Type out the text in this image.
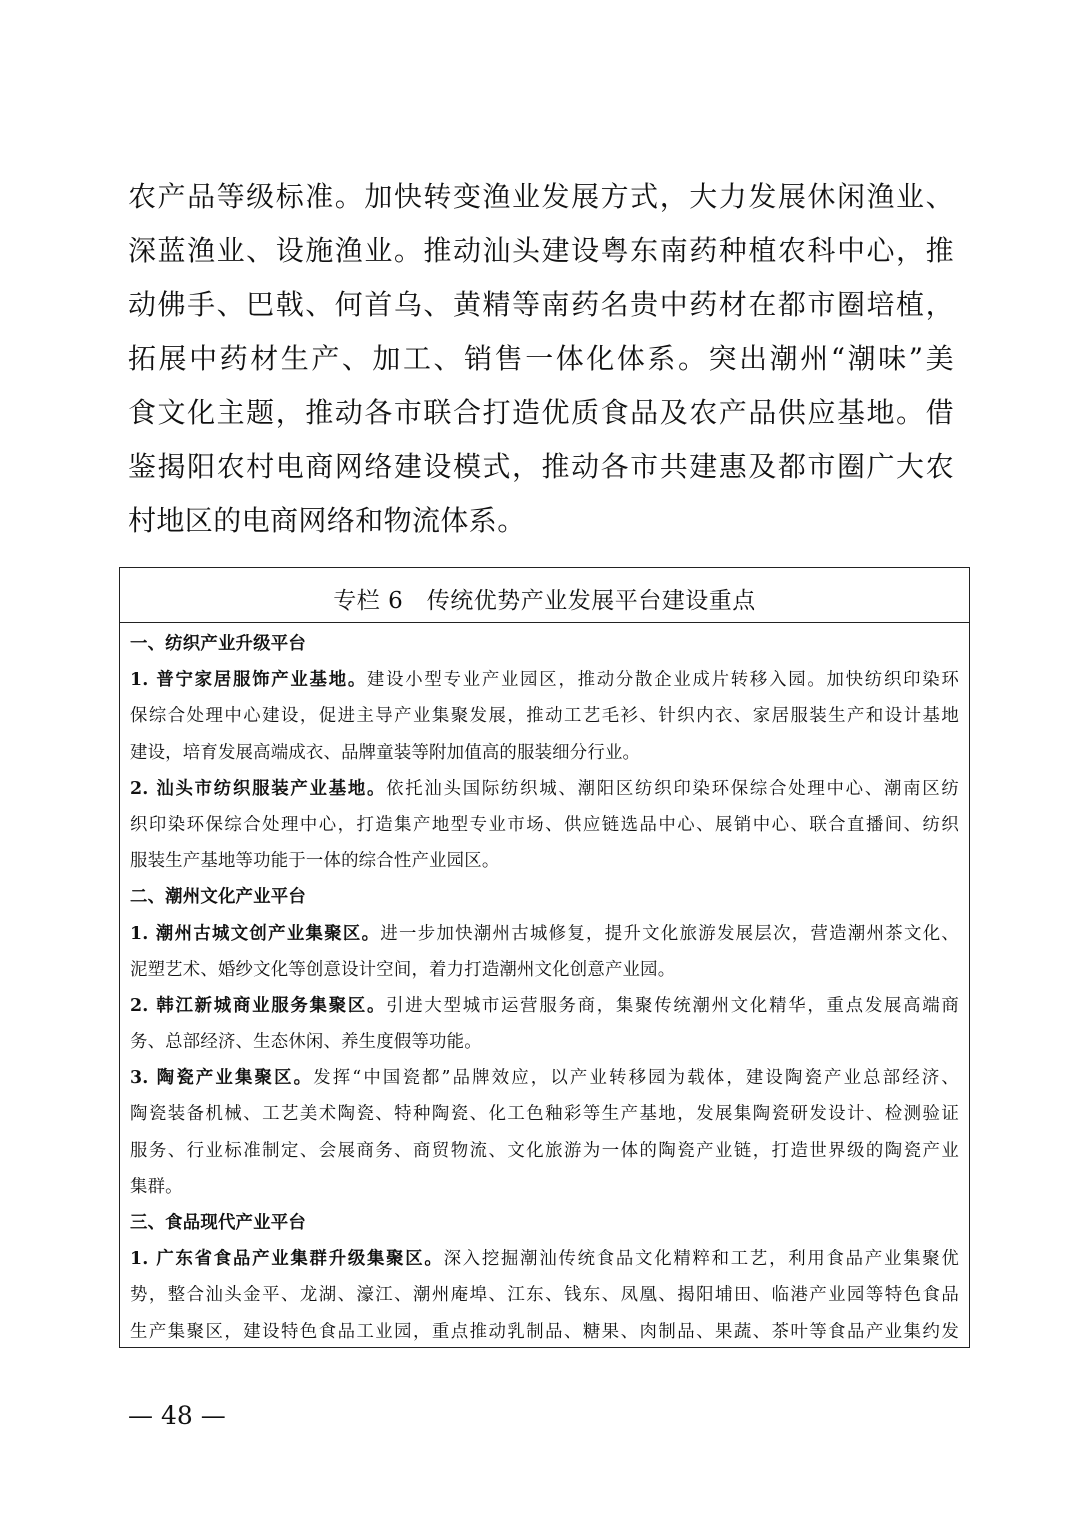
农产品等级标准。加快转变渔业发展方式，大力发展休闲渔业、
深蓝渔业、设施渔业。推动汕头建设粤东南药种植农科中心，推
动佛手、巴戟、何首乌、黄精等南药名贵中药材在都市圈培植，
拓展中药材生产、加工、销售一体化体系。突出潮州“潮味”美
食文化主题，推动各市联合打造优质食品及农产品供应基地。借
鉴揭阳农村电商网络建设模式，推动各市共建惠及都市圈广大农
村地区的电商网络和物流体系。
专栏 6　传统优势产业发展平台建设重点
一、纺织产业升级平台
1. 普宁家居服饰产业基地。建设小型专业产业园区，推动分散企业成片转移入园。加快纺织印染环
保综合处理中心建设，促进主导产业集聚发展，推动工艺毛衫、针织内衣、家居服装生产和设计基地
建设，培育发展高端成衣、品牌童装等附加值高的服装细分行业。
2. 汕头市纺织服装产业基地。依托汕头国际纺织城、潮阳区纺织印染环保综合处理中心、潮南区纺
织印染环保综合处理中心，打造集产地型专业市场、供应链选品中心、展销中心、联合直播间、纺织
服装生产基地等功能于一体的综合性产业园区。
二、潮州文化产业平台
1. 潮州古城文创产业集聚区。进一步加快潮州古城修复，提升文化旅游发展层次，营造潮州茶文化、
泥塑艺术、婚纱文化等创意设计空间，着力打造潮州文化创意产业园。
2. 韩江新城商业服务集聚区。引进大型城市运营服务商，集聚传统潮州文化精华，重点发展高端商
务、总部经济、生态休闲、养生度假等功能。
3. 陶瓷产业集聚区。发挥“中国瓷都”品牌效应，以产业转移园为载体，建设陶瓷产业总部经济、
陶瓷装备机械、工艺美术陶瓷、特种陶瓷、化工色釉彩等生产基地，发展集陶瓷研发设计、检测验证
服务、行业标准制定、会展商务、商贸物流、文化旅游为一体的陶瓷产业链，打造世界级的陶瓷产业
集群。
三、食品现代产业平台
1. 广东省食品产业集群升级集聚区。深入挖掘潮汕传统食品文化精粹和工艺，利用食品产业集聚优
势，整合汕头金平、龙湖、濠江、潮州庵埠、江东、钱东、凤凰、揭阳埔田、临港产业园等特色食品
生产集聚区，建设特色食品工业园，重点推动乳制品、糖果、肉制品、果蔬、茶叶等食品产业集约发
— 48 —
